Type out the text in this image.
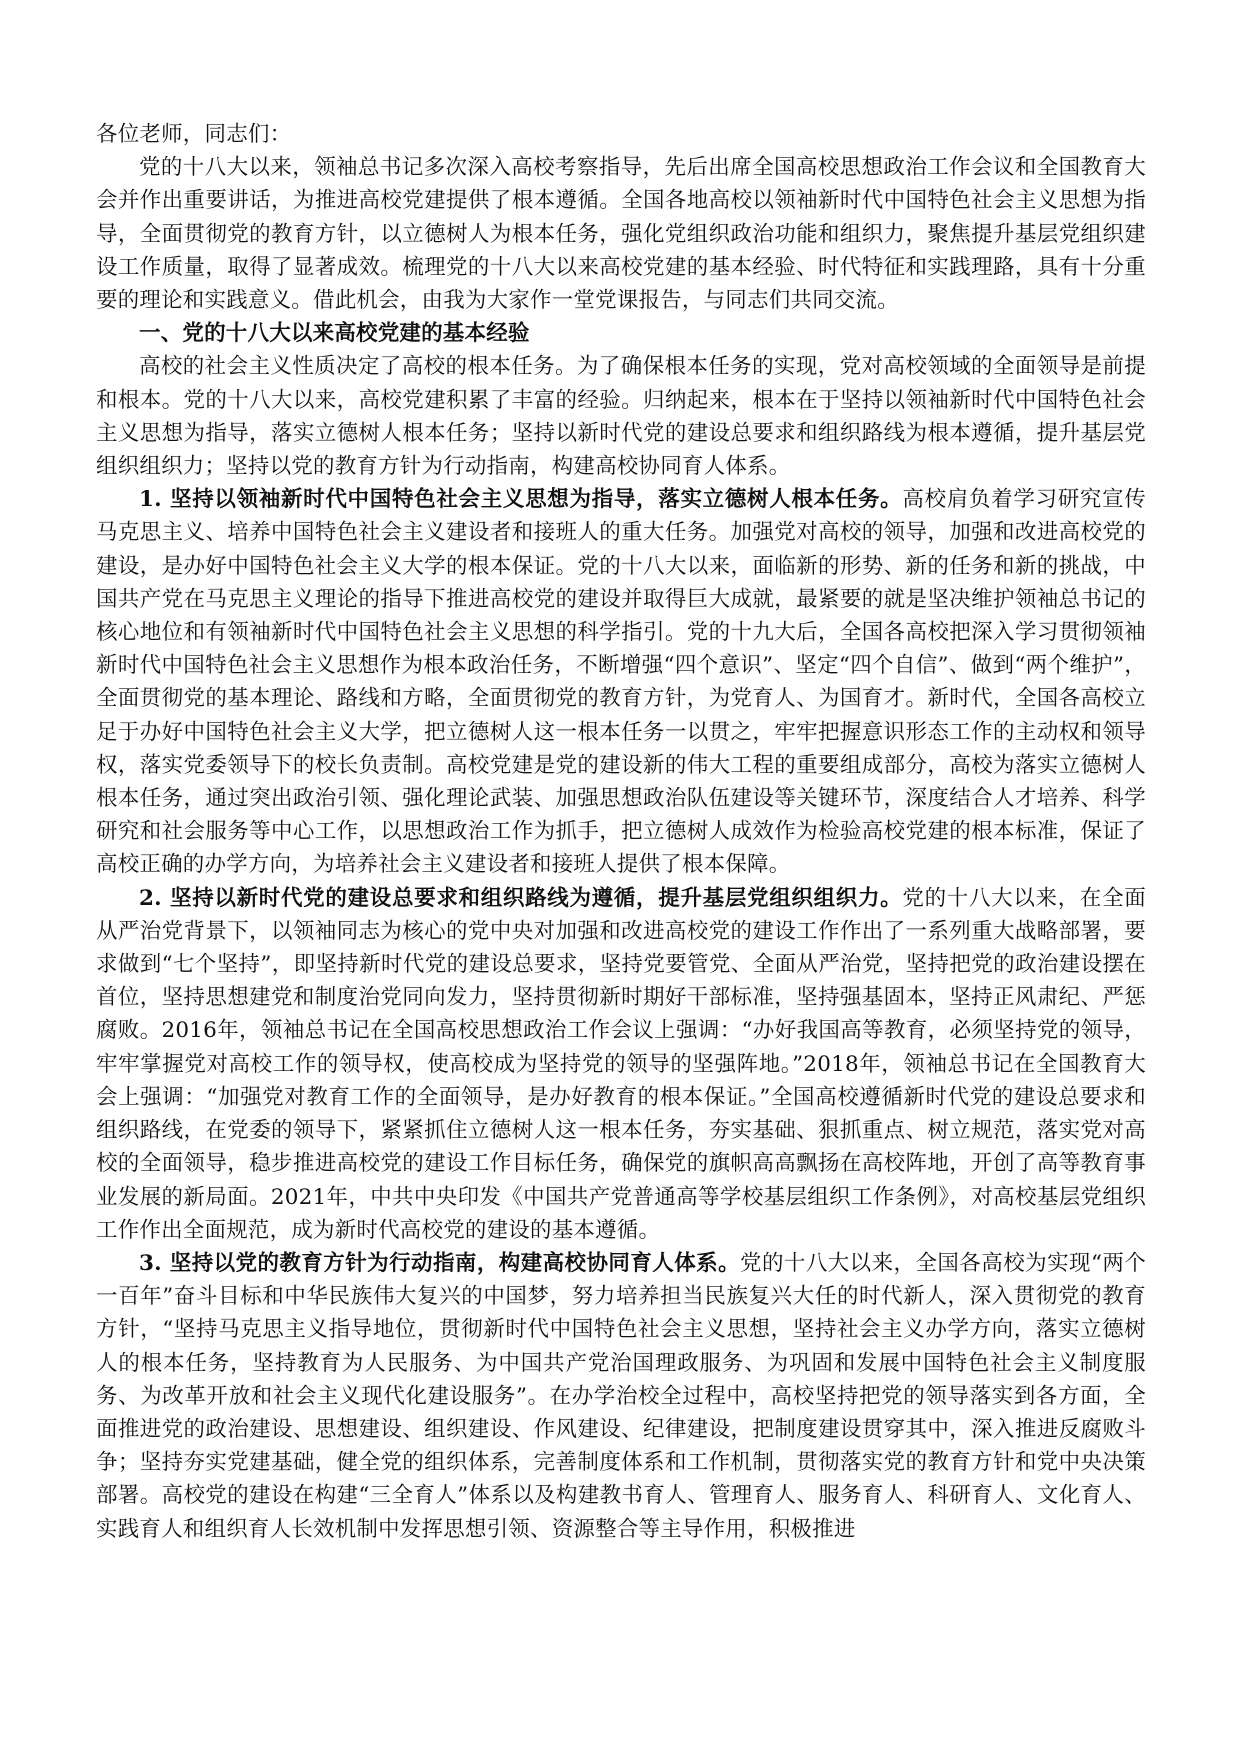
各位老师，同志们：

党的十八大以来，领袖总书记多次深入高校考察指导，先后出席全国高校思想政治工作会议和全国教育大会并作出重要讲话，为推进高校党建提供了根本遵循。全国各地高校以领袖新时代中国特色社会主义思想为指导，全面贯彻党的教育方针，以立德树人为根本任务，强化党组织政治功能和组织力，聚焦提升基层党组织建设工作质量，取得了显著成效。梳理党的十八大以来高校党建的基本经验、时代特征和实践理路，具有十分重要的理论和实践意义。借此机会，由我为大家作一堂党课报告，与同志们共同交流。

一、党的十八大以来高校党建的基本经验

高校的社会主义性质决定了高校的根本任务。为了确保根本任务的实现，党对高校领域的全面领导是前提和根本。党的十八大以来，高校党建积累了丰富的经验。归纳起来，根本在于坚持以领袖新时代中国特色社会主义思想为指导，落实立德树人根本任务；坚持以新时代党的建设总要求和组织路线为根本遵循，提升基层党组织组织力；坚持以党的教育方针为行动指南，构建高校协同育人体系。

1. 坚持以领袖新时代中国特色社会主义思想为指导，落实立德树人根本任务。高校肩负着学习研究宣传马克思主义、培养中国特色社会主义建设者和接班人的重大任务。加强党对高校的领导，加强和改进高校党的建设，是办好中国特色社会主义大学的根本保证。党的十八大以来，面临新的形势、新的任务和新的挑战，中国共产党在马克思主义理论的指导下推进高校党的建设并取得巨大成就，最紧要的就是坚决维护领袖总书记的核心地位和有领袖新时代中国特色社会主义思想的科学指引。党的十九大后，全国各高校把深入学习贯彻领袖新时代中国特色社会主义思想作为根本政治任务，不断增强“四个意识”、坚定“四个自信”、做到“两个维护”，全面贯彻党的基本理论、路线和方略，全面贯彻党的教育方针，为党育人、为国育才。新时代，全国各高校立足于办好中国特色社会主义大学，把立德树人这一根本任务一以贯之，牢牢把握意识形态工作的主动权和领导权，落实党委领导下的校长负责制。高校党建是党的建设新的伟大工程的重要组成部分，高校为落实立德树人根本任务，通过突出政治引领、强化理论武装、加强思想政治队伍建设等关键环节，深度结合人才培养、科学研究和社会服务等中心工作，以思想政治工作为抓手，把立德树人成效作为检验高校党建的根本标准，保证了高校正确的办学方向，为培养社会主义建设者和接班人提供了根本保障。

2. 坚持以新时代党的建设总要求和组织路线为遵循，提升基层党组织组织力。党的十八大以来，在全面从严治党背景下，以领袖同志为核心的党中央对加强和改进高校党的建设工作作出了一系列重大战略部署，要求做到“七个坚持”，即坚持新时代党的建设总要求，坚持党要管党、全面从严治党，坚持把党的政治建设摆在首位，坚持思想建党和制度治党同向发力，坚持贯彻新时期好干部标准，坚持强基固本，坚持正风肃纪、严惩腐败。2016年，领袖总书记在全国高校思想政治工作会议上强调：“办好我国高等教育，必须坚持党的领导，牢牢掌握党对高校工作的领导权，使高校成为坚持党的领导的坚强阵地。”2018年，领袖总书记在全国教育大会上强调：“加强党对教育工作的全面领导，是办好教育的根本保证。”全国高校遵循新时代党的建设总要求和组织路线，在党委的领导下，紧紧抓住立德树人这一根本任务，夯实基础、狠抓重点、树立规范，落实党对高校的全面领导，稳步推进高校党的建设工作目标任务，确保党的旗帜高高飘扬在高校阵地，开创了高等教育事业发展的新局面。2021年，中共中央印发《中国共产党普通高等学校基层组织工作条例》，对高校基层党组织工作作出全面规范，成为新时代高校党的建设的基本遵循。

3. 坚持以党的教育方针为行动指南，构建高校协同育人体系。党的十八大以来，全国各高校为实现“两个一百年”奋斗目标和中华民族伟大复兴的中国梦，努力培养担当民族复兴大任的时代新人，深入贯彻党的教育方针，“坚持马克思主义指导地位，贯彻新时代中国特色社会主义思想，坚持社会主义办学方向，落实立德树人的根本任务，坚持教育为人民服务、为中国共产党治国理政服务、为巩固和发展中国特色社会主义制度服务、为改革开放和社会主义现代化建设服务”。在办学治校全过程中，高校坚持把党的领导落实到各方面，全面推进党的政治建设、思想建设、组织建设、作风建设、纪律建设，把制度建设贯穿其中，深入推进反腐败斗争；坚持夯实党建基础，健全党的组织体系，完善制度体系和工作机制，贯彻落实党的教育方针和党中央决策部署。高校党的建设在构建“三全育人”体系以及构建教书育人、管理育人、服务育人、科研育人、文化育人、实践育人和组织育人长效机制中发挥思想引领、资源整合等主导作用，积极推进
